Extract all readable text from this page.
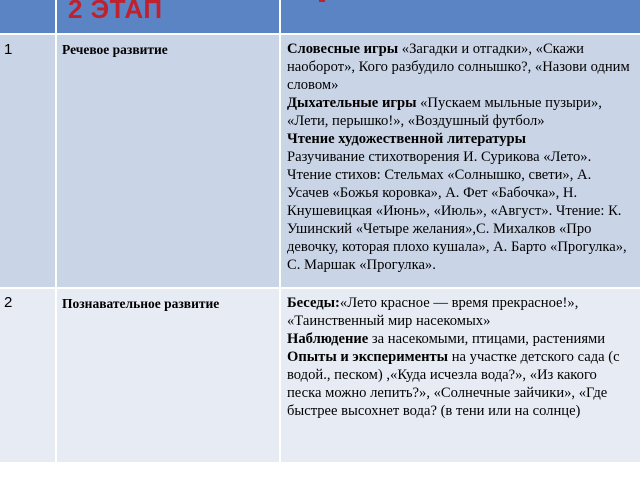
2 ЭТАП
1	Речевое развитие	Словесные игры «Загадки и отгадки», «Скажи наоборот», Кого разбудило солнышко?, «Назови одним словом»

Дыхательные игры «Пускаем мыльные пузыри», «Лети, перышко!», «Воздушный футбол»

Чтение художественной литературы

Разучивание стихотворения И. Сурикова «Лето». Чтение стихов: Стельмах «Солнышко, свети», А. Усачев «Божья коровка», А. Фет «Бабочка», Н. Кнушевицкая «Июнь», «Июль», «Август». Чтение: К. Ушинский «Четыре желания»,С. Михалков «Про девочку, которая плохо кушала», А. Барто «Прогулка», С. Маршак «Прогулка».

2	Познавательное развитие	Беседы:«Лето красное — время прекрасное!», «Таинственный мир насекомых»

Наблюдение за насекомыми, птицами, растениями

Опыты и эксперименты на участке детского сада (с водой., песком) ,«Куда исчезла вода?», «Из какого песка можно лепить?», «Солнечные зайчики», «Где быстрее высохнет вода? (в тени или на солнце)
